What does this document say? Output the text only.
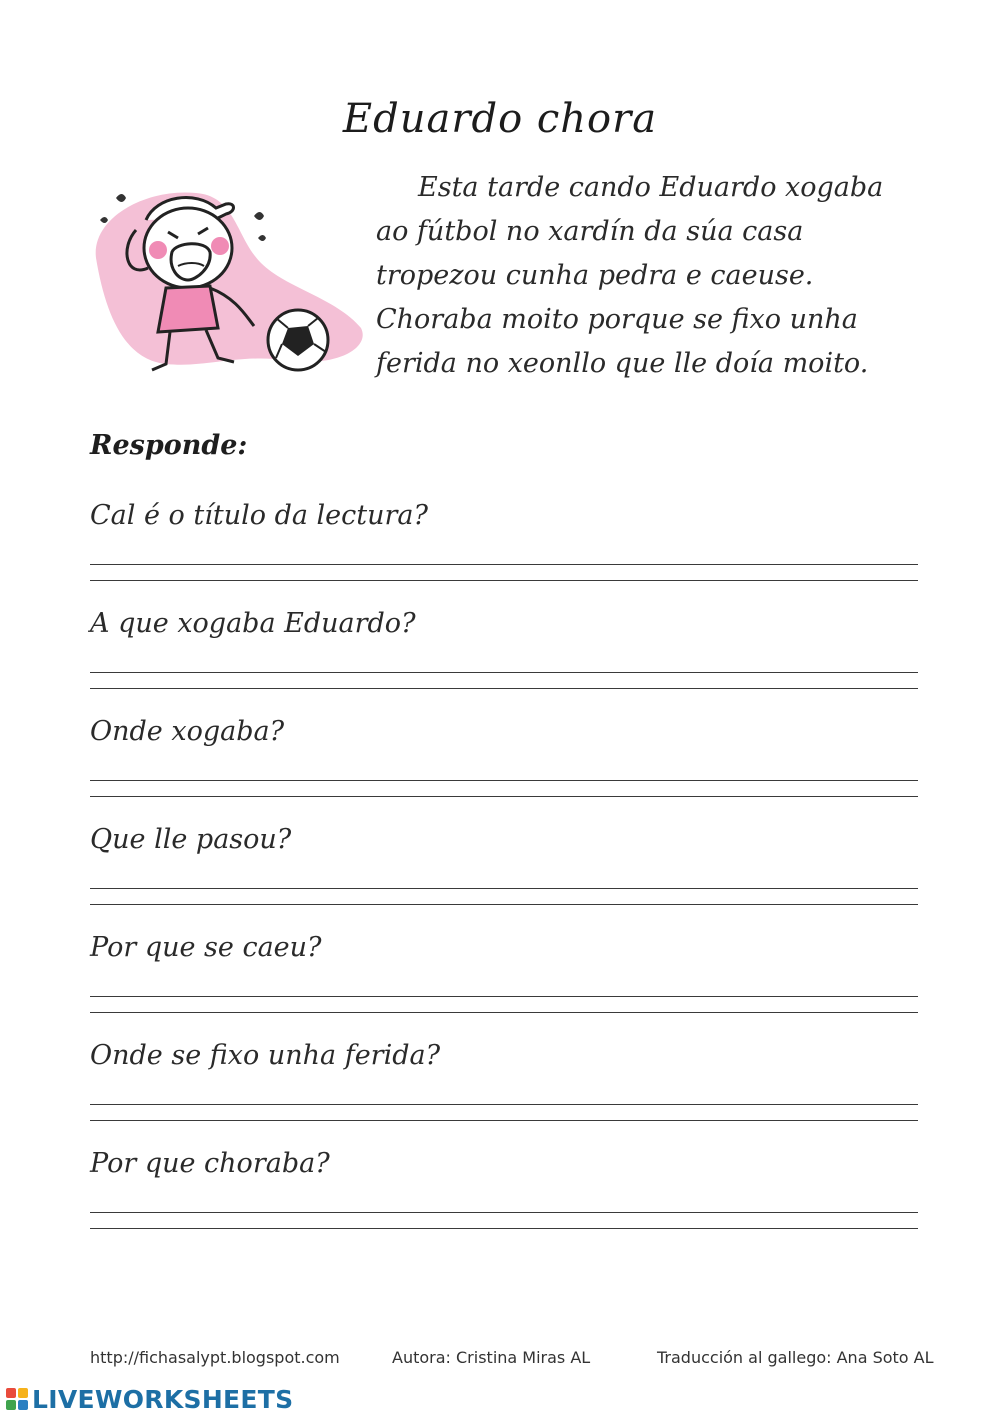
Eduardo chora
Esta tarde cando Eduardo xogaba
ao fútbol no xardín da súa casa
tropezou cunha pedra e caeuse.
Choraba moito porque se fixo unha
ferida no xeonllo que lle doía moito.
Responde:
Cal é o título da lectura?
A que xogaba Eduardo?
Onde xogaba?
Que lle pasou?
Por que se caeu?
Onde se fixo unha ferida?
Por que choraba?
http://fichasalypt.blogspot.com	Autora: Cristina Miras AL	Traducción al gallego: Ana Soto AL
LIVEWORKSHEETS
